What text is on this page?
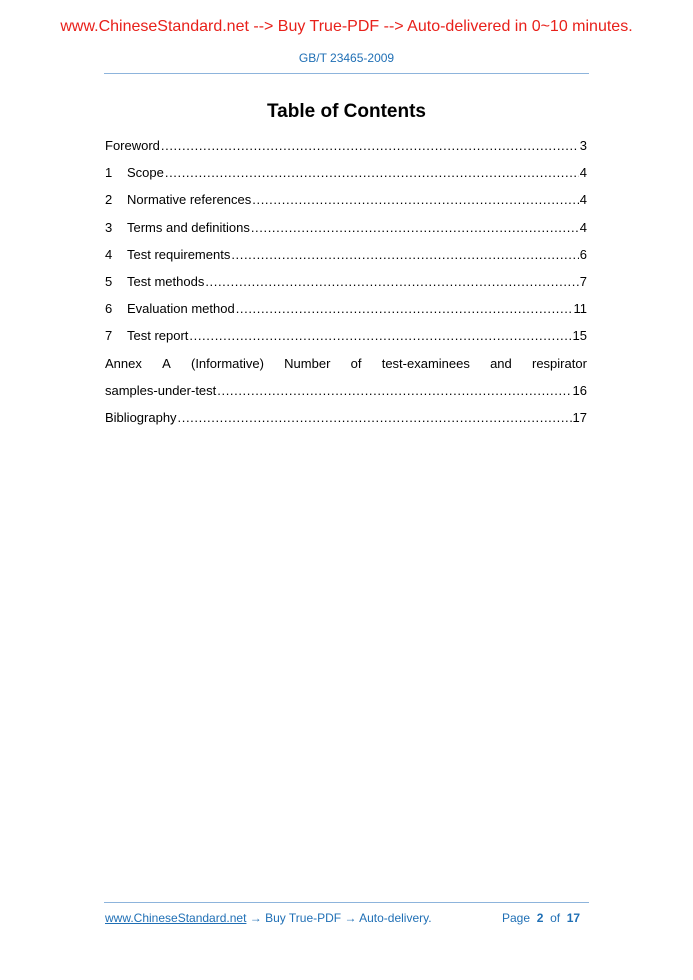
www.ChineseStandard.net --> Buy True-PDF --> Auto-delivered in 0~10 minutes.
GB/T 23465-2009
Table of Contents
Foreword .....	3
1	Scope .....	4
2	Normative references .....	4
3	Terms and definitions .....	4
4	Test requirements .....	6
5	Test methods .....	7
6	Evaluation method .....	11
7	Test report .....	15
Annex A (Informative) Number of test-examinees and respirator
samples-under-test .....	16
Bibliography .....	17
www.ChineseStandard.net → Buy True-PDF → Auto-delivery.	Page 2 of 17
